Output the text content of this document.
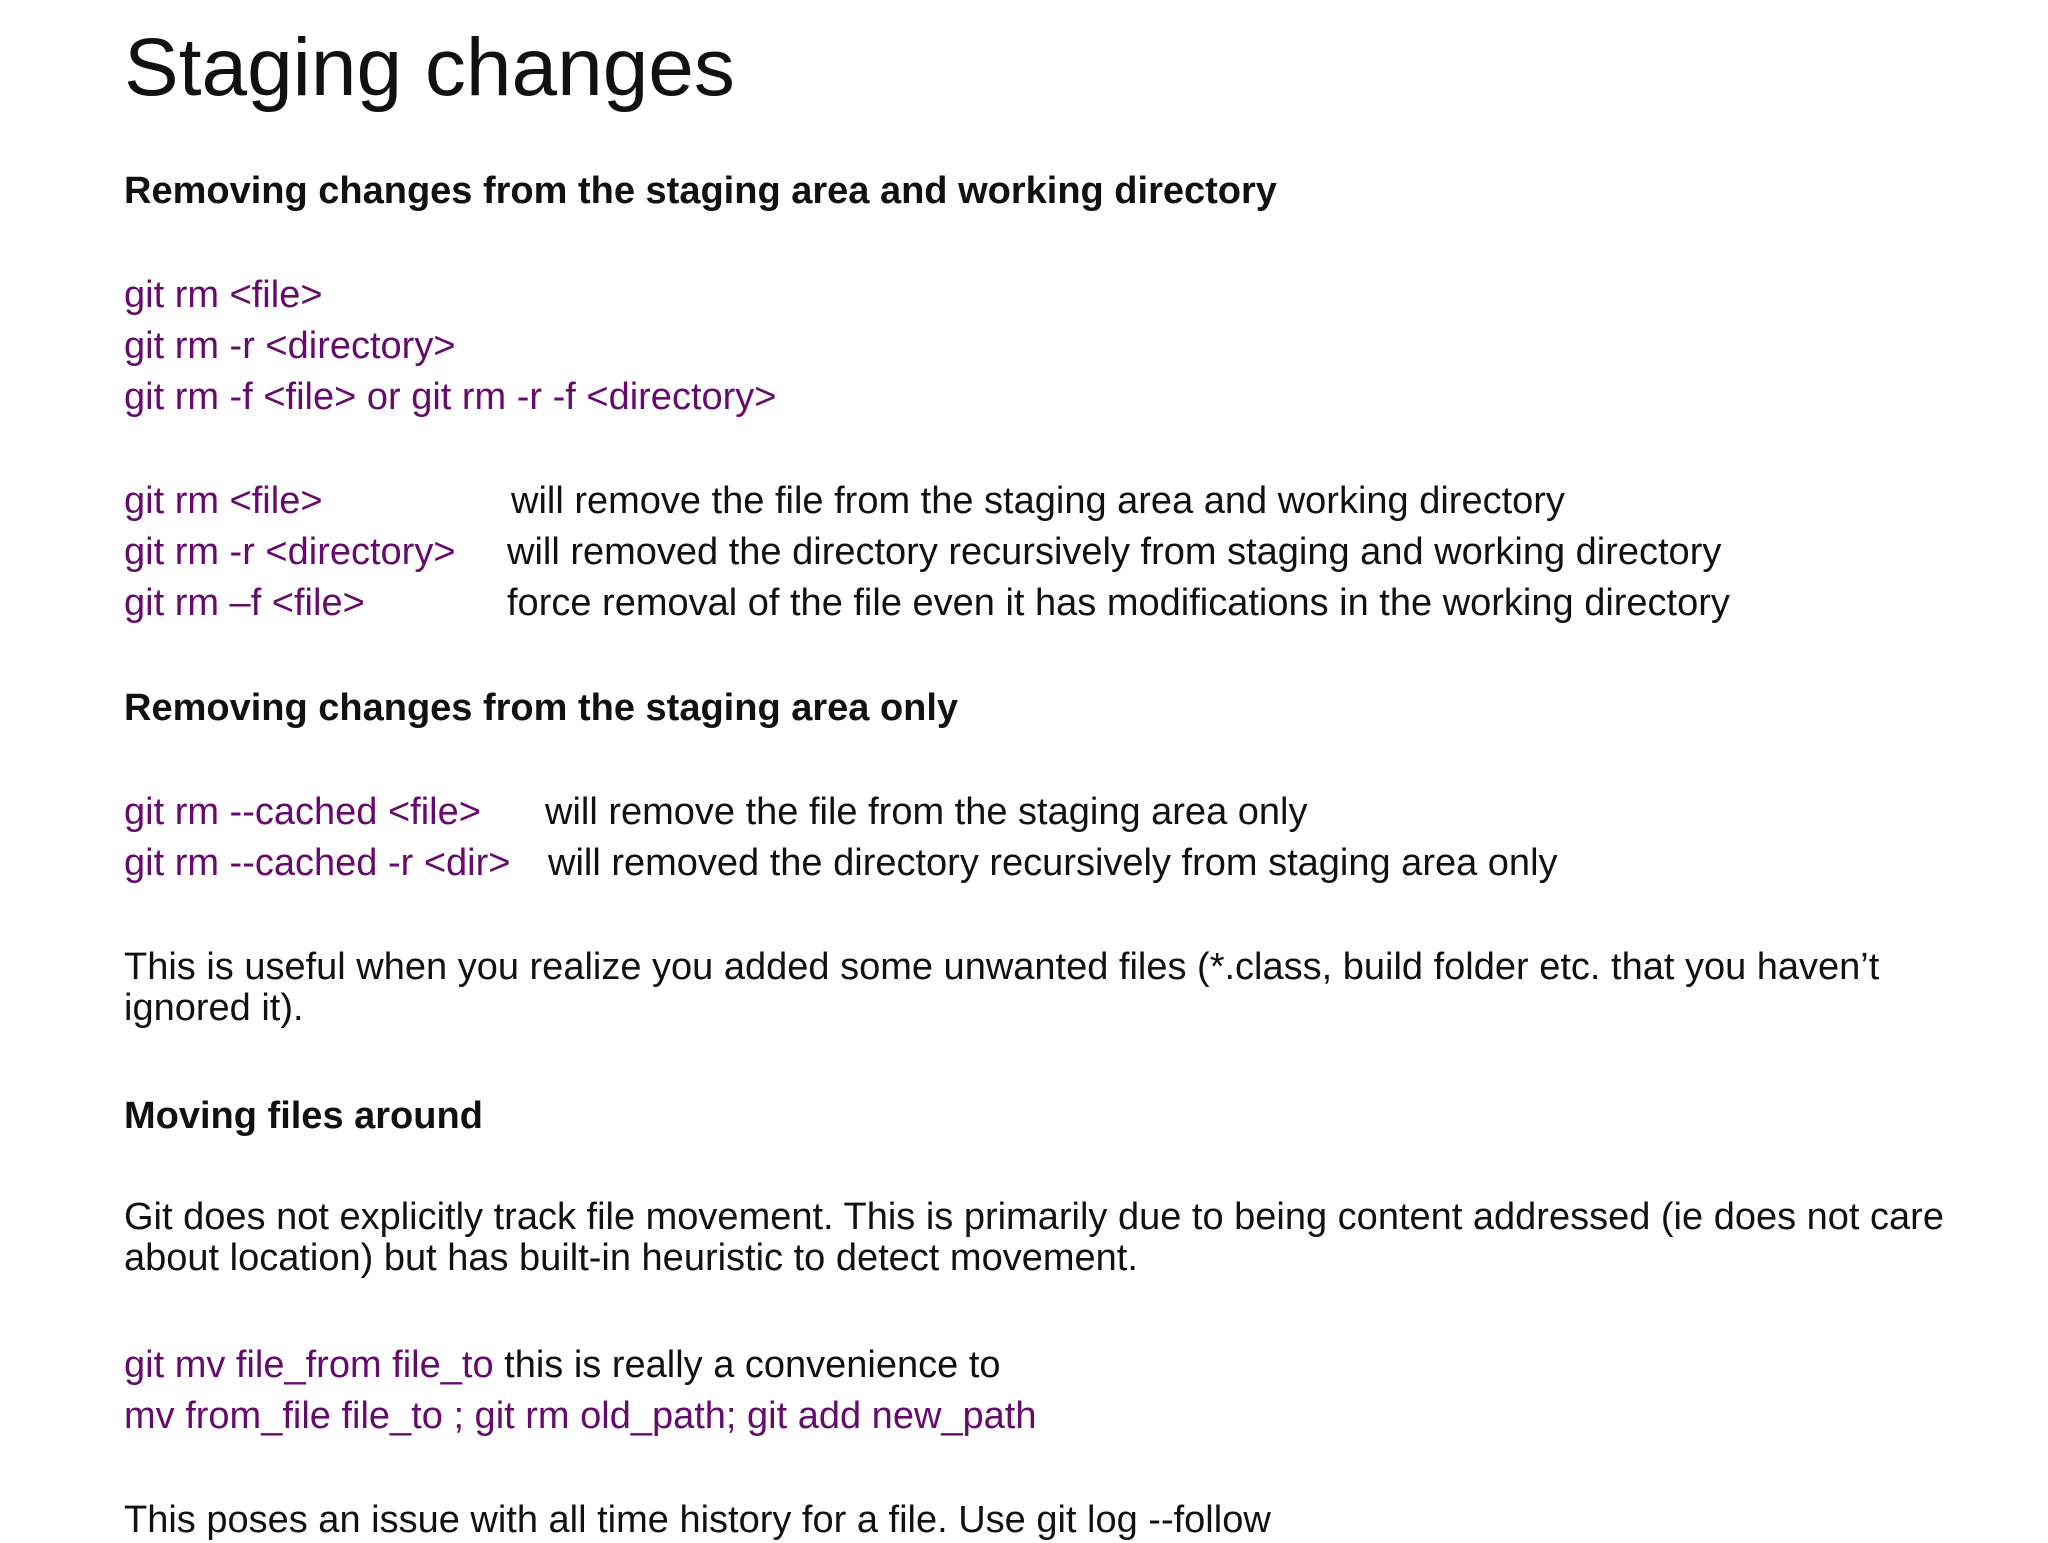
Staging changes
Removing changes from the staging area and working directory
git rm <file>
git rm -r <directory>
git rm -f <file> or git rm -r -f <directory>
git rm <file>	will remove the file from the staging area and working directory
git rm -r <directory> will removed the directory recursively from staging and working directory
git rm –f <file>	force removal of the file even it has modifications in the working directory
Removing changes from the staging area only
git rm --cached <file> will remove the file from the staging area only
git rm --cached -r <dir> will removed the directory recursively from staging area only
This is useful when you realize you added some unwanted files (*.class, build folder etc. that you haven’t ignored it).
Moving files around
Git does not explicitly track file movement. This is primarily due to being content addressed (ie does not care about location) but has built-in heuristic to detect movement.
git mv file_from file_to this is really a convenience to
mv from_file file_to ; git rm old_path; git add new_path
This poses an issue with all time history for a file. Use git log --follow
